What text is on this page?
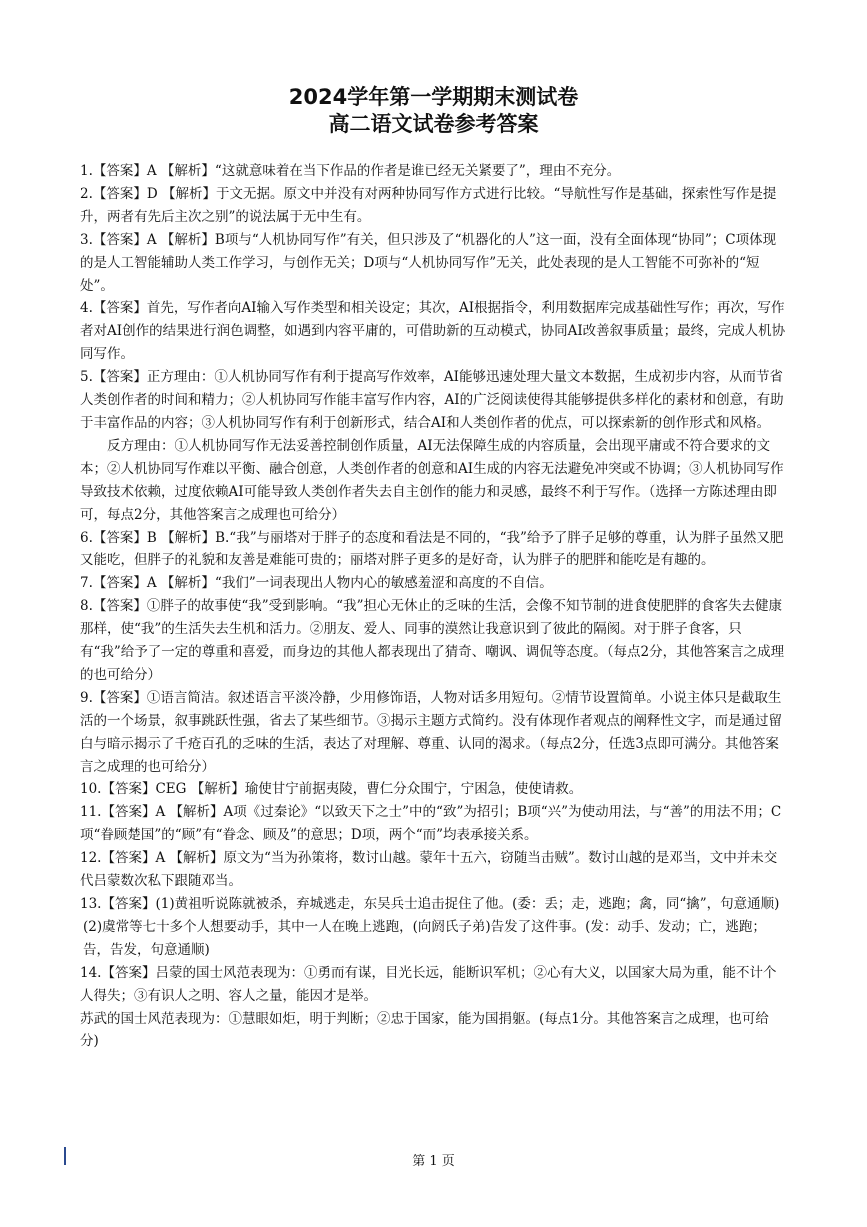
2024学年第一学期期末测试卷
高二语文试卷参考答案

1.【答案】A 【解析】“这就意味着在当下作品的作者是谁已经无关紧要了”，理由不充分。

2.【答案】D 【解析】于文无据。原文中并没有对两种协同写作方式进行比较。“导航性写作是基础，探索性写作是提升，两者有先后主次之别”的说法属于无中生有。

3.【答案】A 【解析】B项与“人机协同写作”有关，但只涉及了“机器化的人”这一面，没有全面体现“协同”；C项体现的是人工智能辅助人类工作学习，与创作无关；D项与“人机协同写作”无关，此处表现的是人工智能不可弥补的“短处”。

4.【答案】首先，写作者向AI输入写作类型和相关设定；其次，AI根据指令，利用数据库完成基础性写作；再次，写作者对AI创作的结果进行润色调整，如遇到内容平庸的，可借助新的互动模式，协同AI改善叙事质量；最终，完成人机协同写作。

5.【答案】正方理由：①人机协同写作有利于提高写作效率，AI能够迅速处理大量文本数据，生成初步内容，从而节省人类创作者的时间和精力；②人机协同写作能丰富写作内容，AI的广泛阅读使得其能够提供多样化的素材和创意，有助于丰富作品的内容；③人机协同写作有利于创新形式，结合AI和人类创作者的优点，可以探索新的创作形式和风格。

反方理由：①人机协同写作无法妥善控制创作质量，AI无法保障生成的内容质量，会出现平庸或不符合要求的文本；②人机协同写作难以平衡、融合创意，人类创作者的创意和AI生成的内容无法避免冲突或不协调；③人机协同写作导致技术依赖，过度依赖AI可能导致人类创作者失去自主创作的能力和灵感，最终不利于写作。（选择一方陈述理由即可，每点2分，其他答案言之成理也可给分）

6.【答案】B 【解析】B.“我”与丽塔对于胖子的态度和看法是不同的，“我”给予了胖子足够的尊重，认为胖子虽然又肥又能吃，但胖子的礼貌和友善是难能可贵的；丽塔对胖子更多的是好奇，认为胖子的肥胖和能吃是有趣的。

7.【答案】A 【解析】“我们”一词表现出人物内心的敏感羞涩和高度的不自信。

8.【答案】①胖子的故事使“我”受到影响。“我”担心无休止的乏味的生活，会像不知节制的进食使肥胖的食客失去健康那样，使“我”的生活失去生机和活力。②朋友、爱人、同事的漠然让我意识到了彼此的隔阂。对于胖子食客，只有“我”给予了一定的尊重和喜爱，而身边的其他人都表现出了猜奇、嘲讽、调侃等态度。（每点2分，其他答案言之成理的也可给分）

9.【答案】①语言简洁。叙述语言平淡冷静，少用修饰语，人物对话多用短句。②情节设置简单。小说主体只是截取生活的一个场景，叙事跳跃性强，省去了某些细节。③揭示主题方式简约。没有体现作者观点的阐释性文字，而是通过留白与暗示揭示了千疮百孔的乏味的生活，表达了对理解、尊重、认同的渴求。（每点2分，任选3点即可满分。其他答案言之成理的也可给分）

10.【答案】CEG 【解析】瑜使甘宁前据夷陵，曹仁分众围宁，宁困急，使使请救。

11.【答案】A 【解析】A项《过秦论》“以致天下之士”中的“致”为招引；B项“兴”为使动用法，与“善”的用法不用；C项“眷顾楚国”的“顾”有“眷念、顾及”的意思；D项，两个“而”均表承接关系。

12.【答案】A 【解析】原文为“当为孙策将，数讨山越。蒙年十五六，窃随当击贼”。数讨山越的是邓当，文中并未交代吕蒙数次私下跟随邓当。

13.【答案】(1)黄祖听说陈就被杀，弃城逃走，东吴兵士追击捉住了他。(委：丢；走，逃跑；禽，同“擒”，句意通顺)

(2)虞常等七十多个人想要动手，其中一人在晚上逃跑，(向阏氏子弟)告发了这件事。(发：动手、发动；亡，逃跑；告，告发，句意通顺)

14.【答案】吕蒙的国士风范表现为：①勇而有谋，目光长远，能断识军机；②心有大义，以国家大局为重，能不计个人得失；③有识人之明、容人之量，能因才是举。

苏武的国士风范表现为：①慧眼如炬，明于判断；②忠于国家，能为国捐躯。(每点1分。其他答案言之成理，也可给分)

第 1 页
